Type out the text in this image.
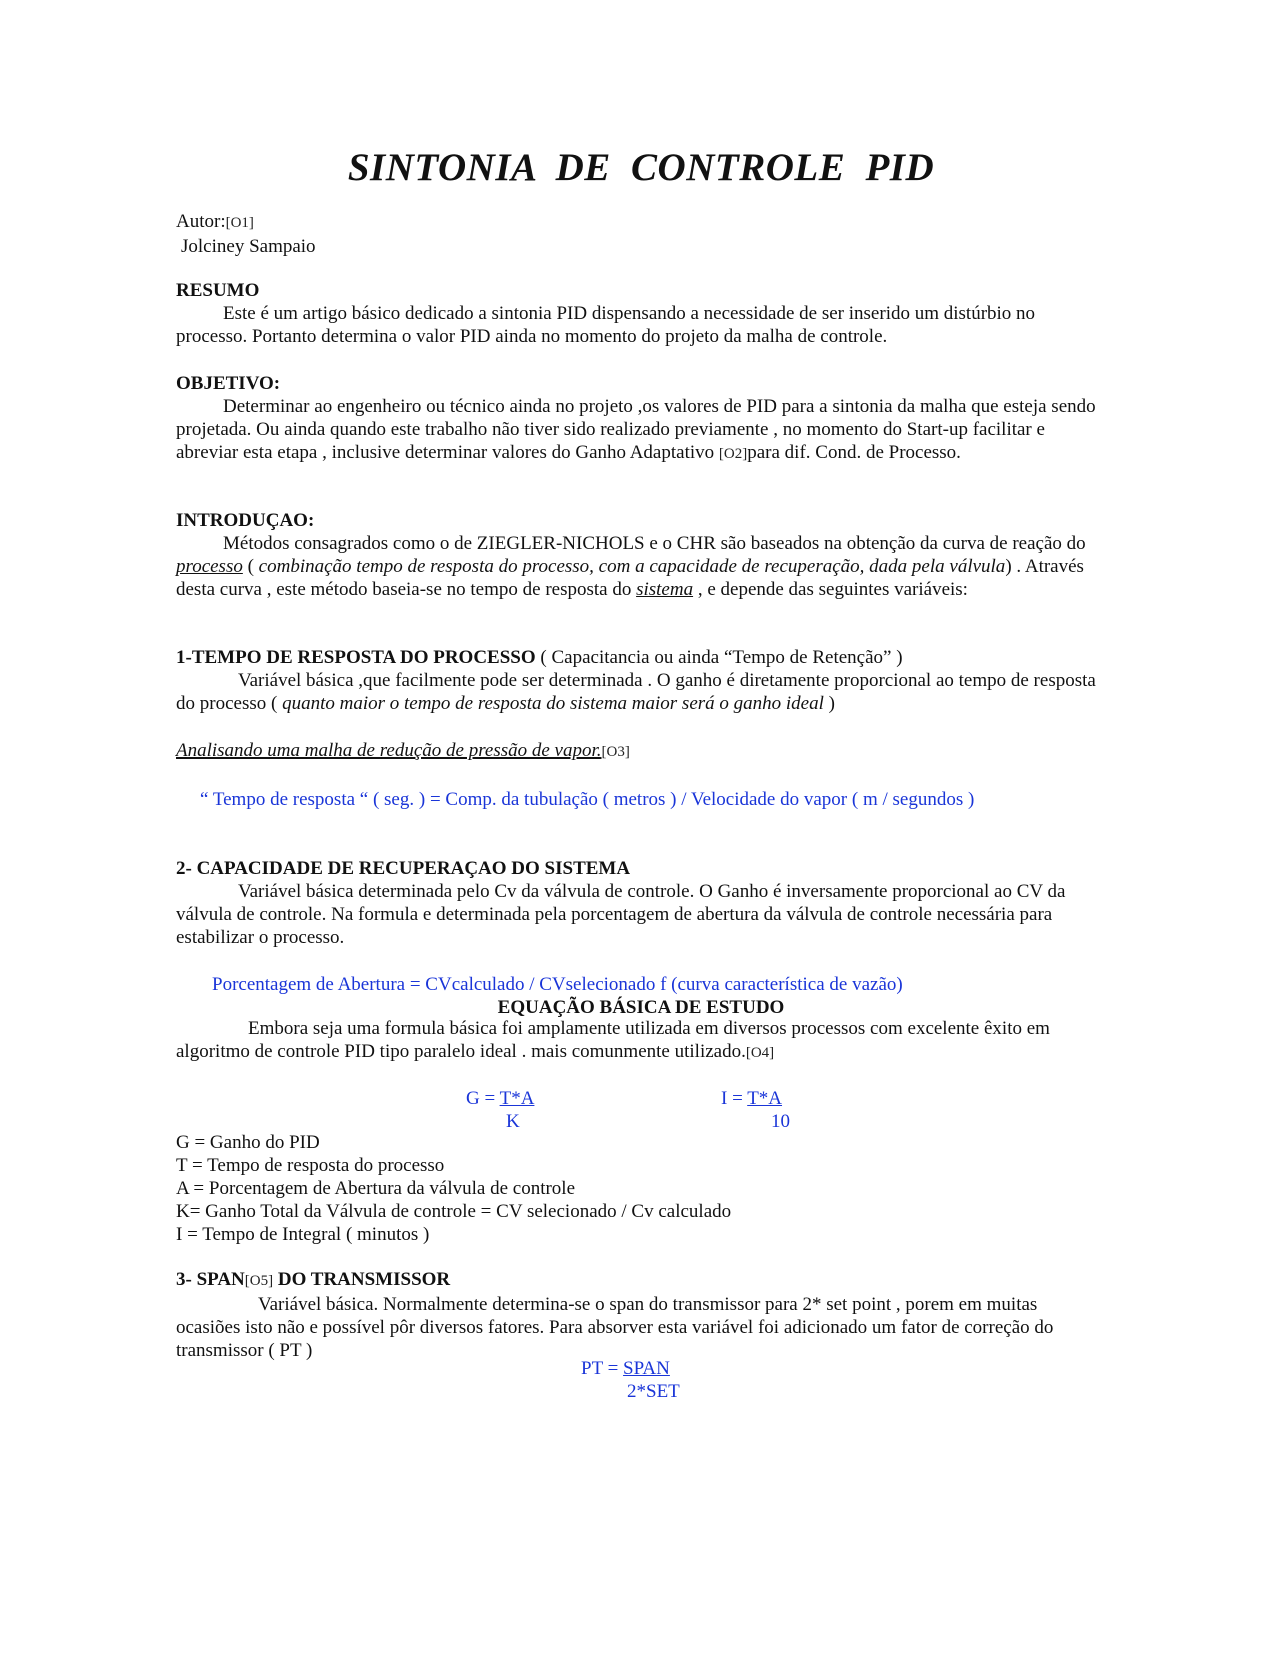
SINTONIA DE CONTROLE PID
Autor:[O1]
Jolciney Sampaio
RESUMO
Este é um artigo básico dedicado a sintonia PID dispensando a necessidade de ser inserido um distúrbio no processo. Portanto determina o valor PID ainda no momento do projeto da malha de controle.
OBJETIVO:
Determinar ao engenheiro ou técnico ainda no projeto ,os valores de PID para a sintonia da malha que esteja sendo projetada. Ou ainda quando este trabalho não tiver sido realizado previamente , no momento do Start-up facilitar e abreviar esta etapa , inclusive determinar valores do Ganho Adaptativo [O2]para dif. Cond. de Processo.
INTRODUÇAO:
Métodos consagrados como o de ZIEGLER-NICHOLS e o CHR são baseados na obtenção da curva de reação do processo ( combinação tempo de resposta do processo, com a capacidade de recuperação, dada pela válvula) . Através desta curva , este método baseia-se no tempo de resposta do sistema , e depende das seguintes variáveis:
1-TEMPO DE RESPOSTA DO PROCESSO ( Capacitancia ou ainda “Tempo de Retenção” )
Variável básica ,que facilmente pode ser determinada . O ganho é diretamente proporcional ao tempo de resposta do processo ( quanto maior o tempo de resposta do sistema maior será o ganho ideal )
Analisando uma malha de redução de pressão de vapor.[O3]
“ Tempo de resposta “ ( seg. ) = Comp. da tubulação ( metros ) / Velocidade do vapor ( m / segundos )
2- CAPACIDADE DE RECUPERAÇAO DO SISTEMA
Variável básica determinada pelo Cv da válvula de controle. O Ganho é inversamente proporcional ao CV da válvula de controle. Na formula e determinada pela porcentagem de abertura da válvula de controle necessária para estabilizar o processo.
Porcentagem de Abertura = CVcalculado / CVselecionado f (curva característica de vazão)
EQUAÇÃO BÁSICA DE ESTUDO
Embora seja uma formula básica foi amplamente utilizada em diversos processos com excelente êxito em algoritmo de controle PID tipo paralelo ideal . mais comunmente utilizado.[O4]
G = T*A
K
I = T*A
10
G = Ganho do PID
T = Tempo de resposta do processo
A = Porcentagem de Abertura da válvula de controle
K= Ganho Total da Válvula de controle = CV selecionado / Cv calculado
I = Tempo de Integral ( minutos )
3- SPAN[O5] DO TRANSMISSOR
Variável básica. Normalmente determina-se o span do transmissor para 2* set point , porem em muitas ocasiões isto não e possível pôr diversos fatores. Para absorver esta variável foi adicionado um fator de correção do transmissor ( PT )
PT = SPAN
2*SET
